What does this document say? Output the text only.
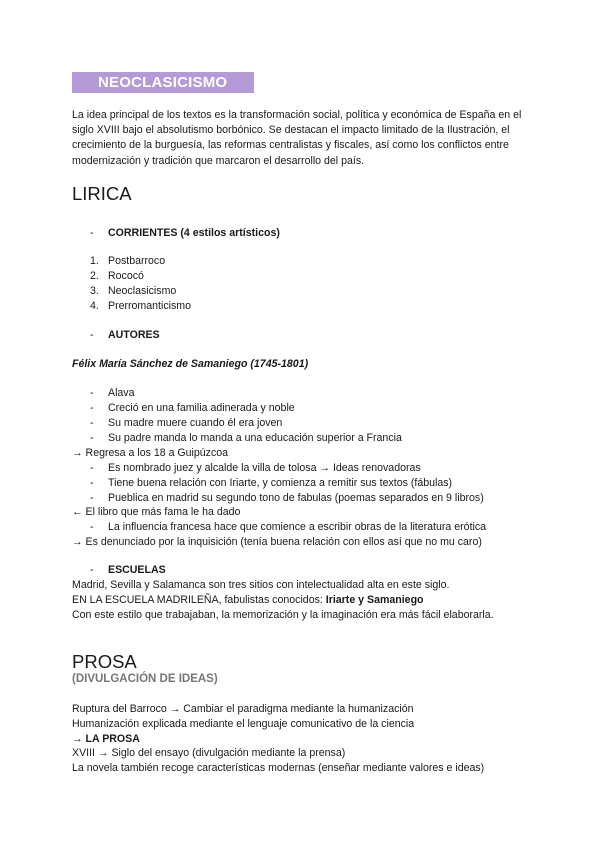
NEOCLASICISMO
La idea principal de los textos es la transformación social, política y económica de España en el siglo XVIII bajo el absolutismo borbónico. Se destacan el impacto limitado de la Ilustración, el crecimiento de la burguesía, las reformas centralistas y fiscales, así como los conflictos entre modernización y tradición que marcaron el desarrollo del país.
LIRICA
- CORRIENTES (4 estilos artísticos)
1. Postbarroco
2. Rococó
3. Neoclasicismo
4. Prerromanticismo
- AUTORES
Félix María Sánchez de Samaniego (1745-1801)
- Alava
- Creció en una familia adinerada y noble
- Su madre muere cuando él era joven
- Su padre manda lo manda a una educación superior a Francia
→ Regresa a los 18 a Guipúzcoa
- Es nombrado juez y alcalde la villa de tolosa → Ideas renovadoras
- Tiene buena relación con Iriarte, y comienza a remitir sus textos (fábulas)
- Pueblica en madrid su segundo tono de fabulas (poemas separados en 9 libros)
← El libro que más fama le ha dado
- La influencia francesa hace que comience a escribir obras de la literatura erótica
→ Es denunciado por la inquisición (tenía buena relación con ellos así que no mu caro)
- ESCUELAS
Madrid, Sevilla y Salamanca son tres sitios con intelectualidad alta en este siglo.
EN LA ESCUELA MADRILEÑA, fabulistas conocidos: Iriarte y Samaniego
Con este estilo que trabajaban, la memorización y la imaginación era más fácil elaborarla.
PROSA
(DIVULGACIÓN DE IDEAS)
Ruptura del Barroco → Cambiar el paradigma mediante la humanización
Humanización explicada mediante el lenguaje comunicativo de la ciencia
→ LA PROSA
XVIII → Siglo del ensayo (divulgación mediante la prensa)
La novela también recoge características modernas (enseñar mediante valores e ideas)
